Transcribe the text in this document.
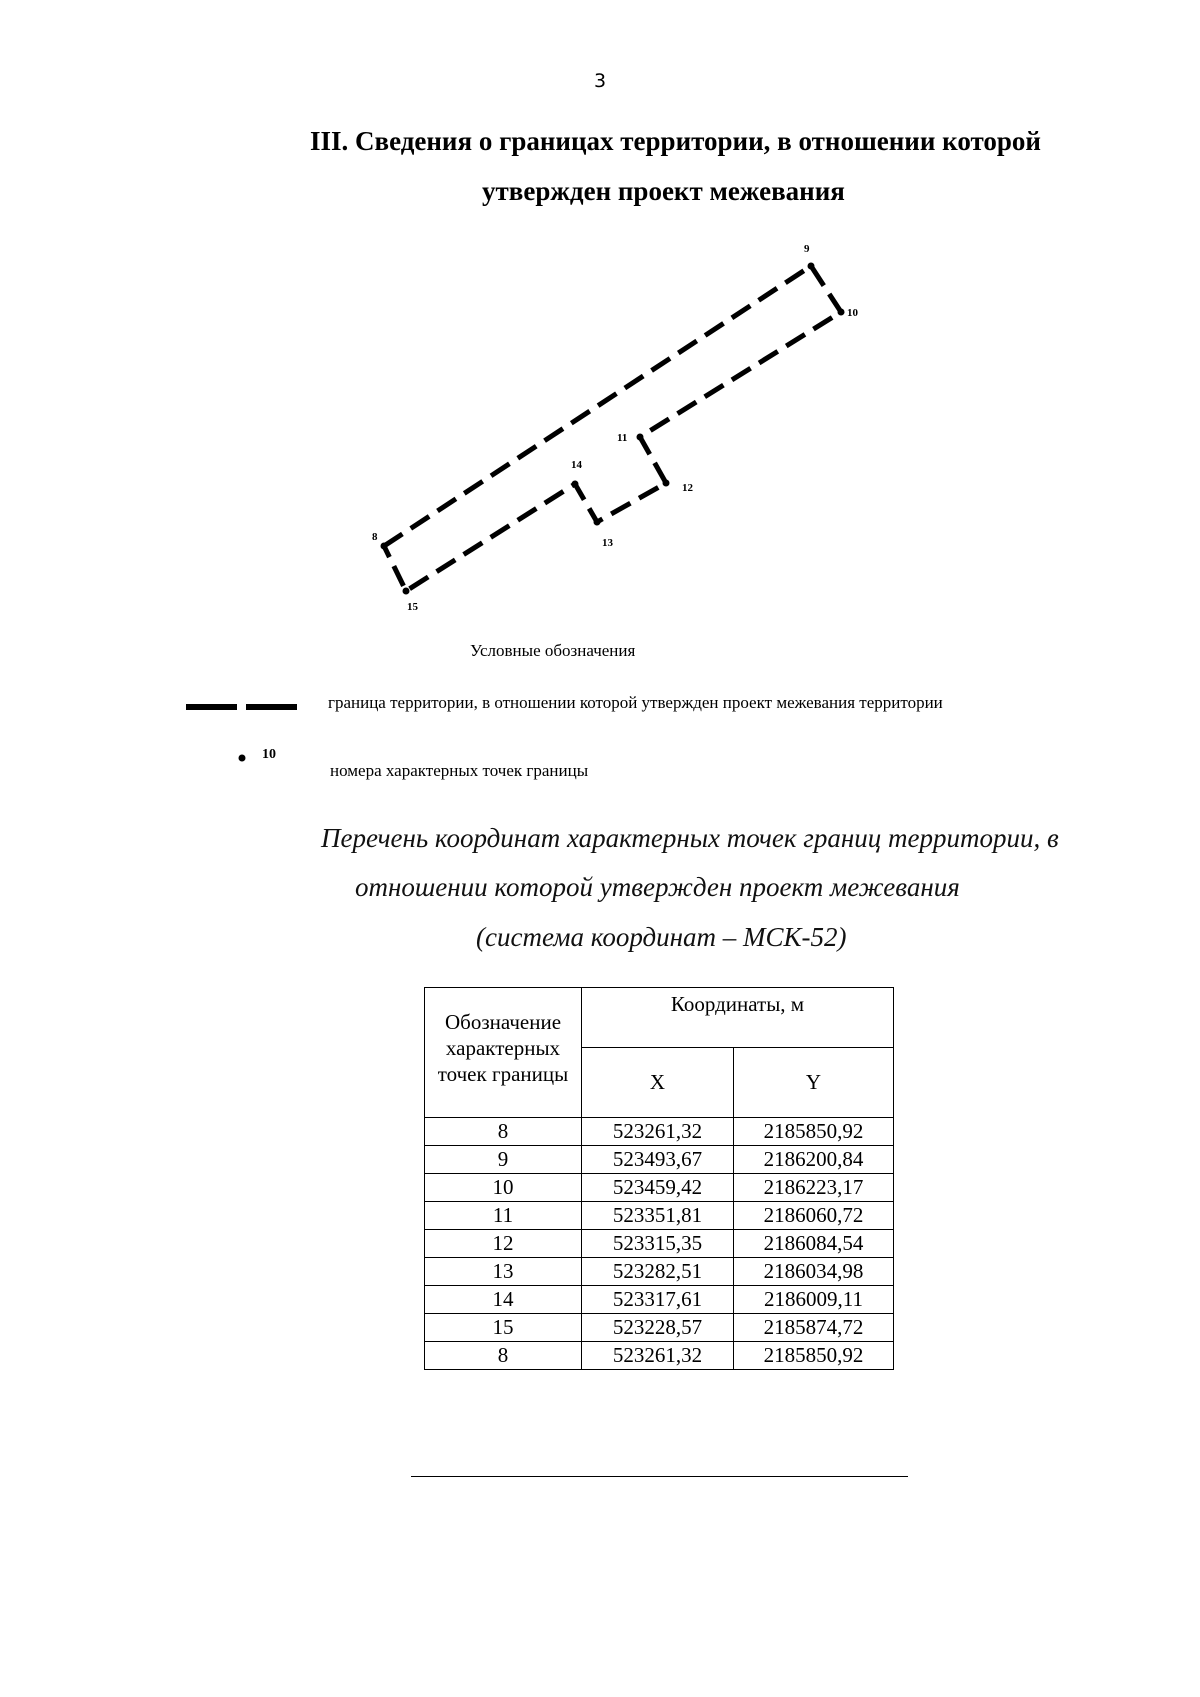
3
III. Сведения о границах территории, в отношении которой
утвержден проект межевания
8
9
10
11
12
13
14
15
Условные обозначения
граница территории, в отношении которой утвержден проект межевания территории
10
номера характерных точек границы
Перечень координат характерных точек границ территории, в
отношении которой утвержден проект межевания
(система координат – МСК-52)
Обозначение характерных точек границы	Координаты, м	
	X	Y
8	523261,32	2185850,92
9	523493,67	2186200,84
10	523459,42	2186223,17
11	523351,81	2186060,72
12	523315,35	2186084,54
13	523282,51	2186034,98
14	523317,61	2186009,11
15	523228,57	2185874,72
8	523261,32	2185850,92
